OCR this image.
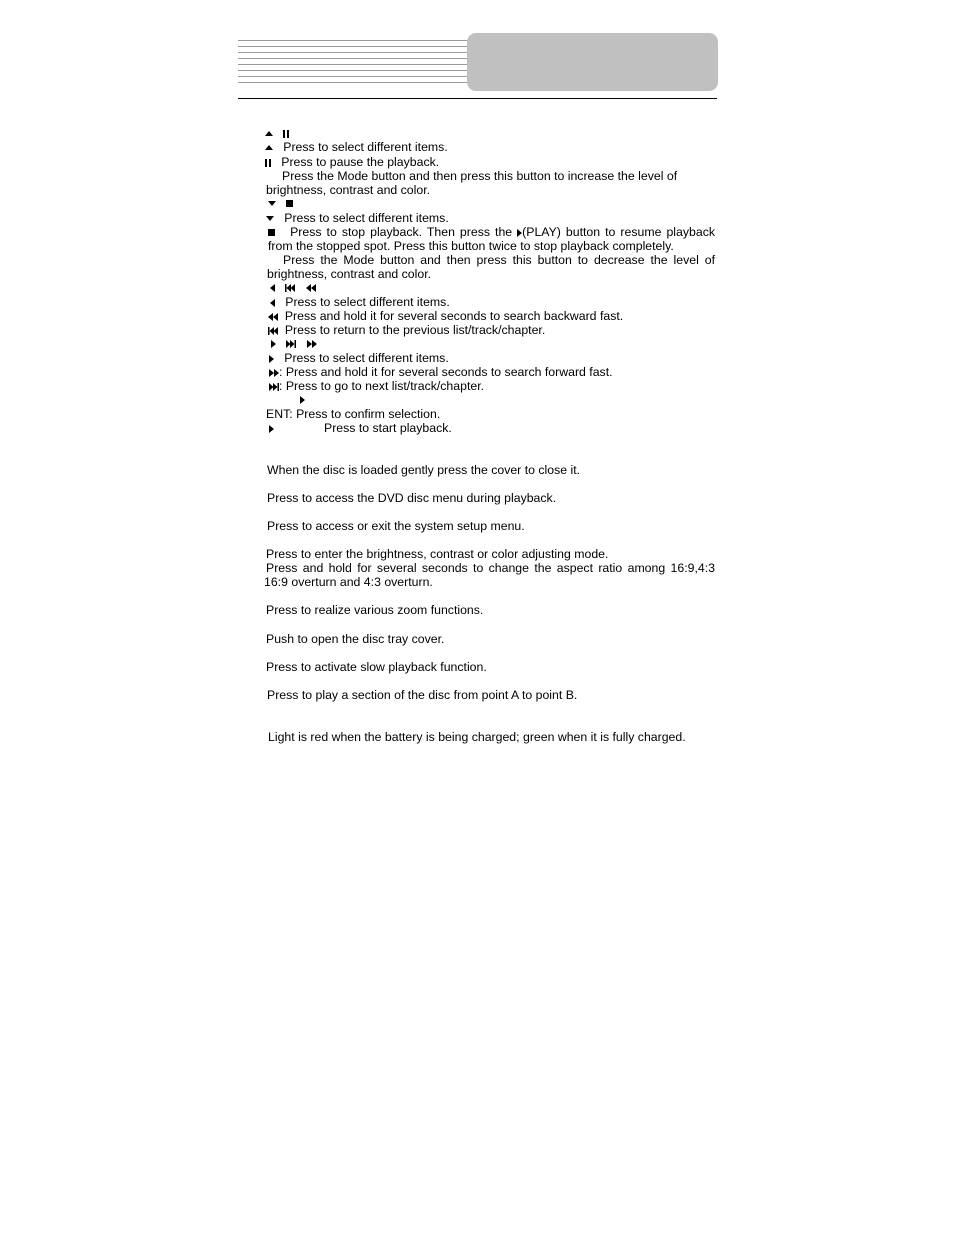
Press to select different items.
Press to pause the playback.
Press the Mode button and then press this button to increase the level of
brightness, contrast and color.

Press to select different items.
Press to stop playback. Then press the (PLAY) button to resume playback
from the stopped spot. Press this button twice to stop playback completely.
Press the Mode button and then press this button to decrease the level of
brightness, contrast and color.

Press to select different items.
Press and hold it for several seconds to search backward fast.
Press to return to the previous list/track/chapter.

Press to select different items.
: Press and hold it for several seconds to search forward fast.
: Press to go to next list/track/chapter.
ENT: Press to confirm selection.
Press to start playback.
When the disc is loaded gently press the cover to close it.
Press to access the DVD disc menu during playback.
Press to access or exit the system setup menu.
Press to enter the brightness, contrast or color adjusting mode.
Press and hold for several seconds to change the aspect ratio among 16:9,4:3
16:9 overturn and 4:3 overturn.
Press to realize various zoom functions.
Push to open the disc tray cover.
Press to activate slow playback function.
Press to play a section of the disc from point A to point B.
Light is red when the battery is being charged; green when it is fully charged.
